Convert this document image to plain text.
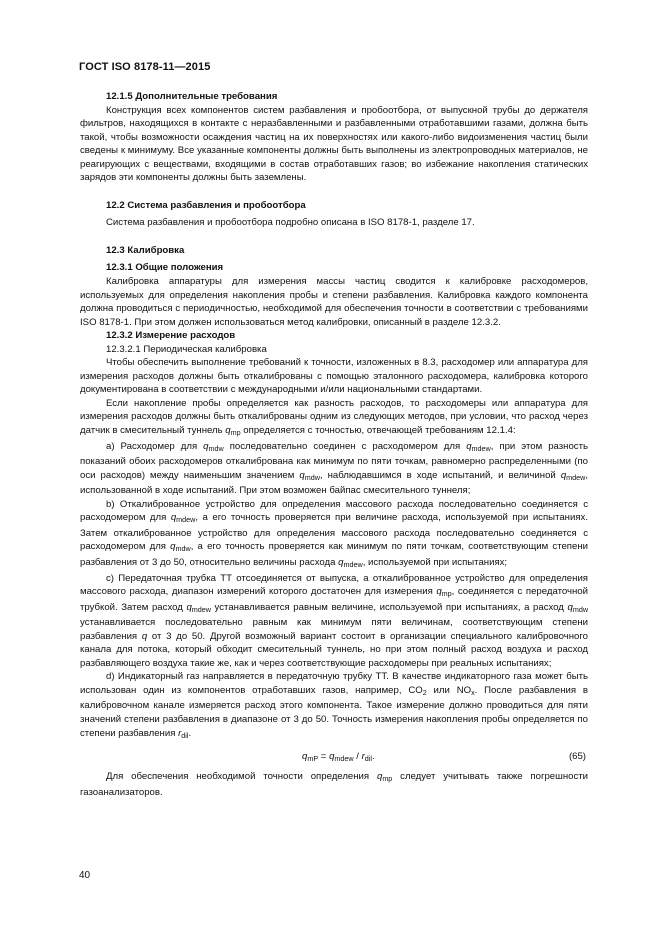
ГОСТ ISO 8178-11—2015
12.1.5 Дополнительные требования

Конструкция всех компонентов систем разбавления и пробоотбора, от выпускной трубы до держателя фильтров, находящихся в контакте с неразбавленными и разбавленными отработавшими газами, должна быть такой, чтобы возможности осаждения частиц на их поверхностях или какого-либо видоизменения частиц были сведены к минимуму. Все указанные компоненты должны быть выполнены из электропроводных материалов, не реагирующих с веществами, входящими в состав отработавших газов; во избежание накопления статических зарядов эти компоненты должны быть заземлены.

12.2 Система разбавления и пробоотбора

Система разбавления и пробоотбора подробно описана в ISO 8178-1, разделе 17.

12.3 Калибровка
12.3.1 Общие положения

Калибровка аппаратуры для измерения массы частиц сводится к калибровке расходомеров, используемых для определения накопления пробы и степени разбавления. Калибровка каждого компонента должна проводиться с периодичностью, необходимой для обеспечения точности в соответствии с требованиями ISO 8178-1. При этом должен использоваться метод калибровки, описанный в разделе 12.3.2.

12.3.2 Измерение расходов
12.3.2.1 Периодическая калибровка

Чтобы обеспечить выполнение требований к точности, изложенных в 8.3, расходомер или аппаратура для измерения расходов должны быть откалиброваны с помощью эталонного расходомера, калибровка которого документирована в соответствии с международными и/или национальными стандартами.

Если накопление пробы определяется как разность расходов, то расходомеры или аппаратура для измерения расходов должны быть откалиброваны одним из следующих методов, при условии, что расход через датчик в смесительный туннель $q_{mp}$ определяется с точностью, отвечающей требованиям 12.1.4:

а) Расходомер для $q_{mdw}$ последовательно соединен с расходомером для $q_{mdew}$, при этом разность показаний обоих расходомеров откалибрована как минимум по пяти точкам, равномерно распределенными (по оси расходов) между наименьшим значением $q_{mdw}$, наблюдавшимся в ходе испытаний, и величиной $q_{mdew}$, использованной в ходе испытаний. При этом возможен байпас смесительного туннеля;

b) Откалиброванное устройство для определения массового расхода последовательно соединяется с расходомером для $q_{mdew}$, а его точность проверяется при величине расхода, используемой при испытаниях. Затем откалиброванное устройство для определения массового расхода последовательно соединяется с расходомером для $q_{mdw}$, а его точность проверяется как минимум по пяти точкам, соответствующим степени разбавления от 3 до 50, относительно величины расхода $q_{mdew}$, используемой при испытаниях;

с) Передаточная трубка ТТ отсоединяется от выпуска, а откалиброванное устройство для определения массового расхода, диапазон измерений которого достаточен для измерения $q_{mp}$, соединяется с передаточной трубкой. Затем расход $q_{mdew}$ устанавливается равным величине, используемой при испытаниях, а расход $q_{mdw}$ устанавливается последовательно равным как минимум пяти величинам, соответствующим степени разбавления q от 3 до 50. Другой возможный вариант состоит в организации специального калибровочного канала для потока, который обходит смесительный туннель, но при этом полный расход воздуха и расход разбавляющего воздуха такие же, как и через соответствующие расходомеры при реальных испытаниях;

d) Индикаторный газ направляется в передаточную трубку ТТ. В качестве индикаторного газа может быть использован один из компонентов отработавших газов, например, $CO_2$ или $NO_x$. После разбавления в калибровочном канале измеряется расход этого компонента. Такое измерение должно проводиться для пяти значений степени разбавления в диапазоне от 3 до 50. Точность измерения накопления пробы определяется по степени разбавления $r_{dil}$.

$q_{mP} = q_{mdew} / r_{dil}$.	(65)

Для обеспечения необходимой точности определения $q_{mp}$ следует учитывать также погрешности газоанализаторов.

40
